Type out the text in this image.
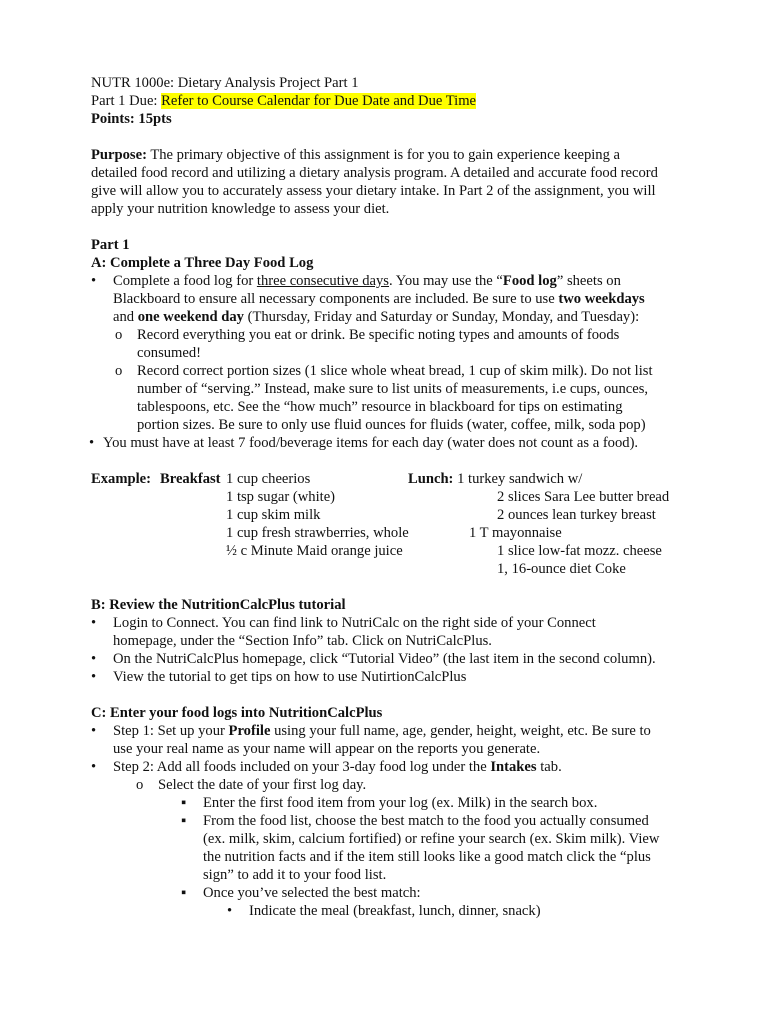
NUTR 1000e: Dietary Analysis Project Part 1
Part 1 Due: Refer to Course Calendar for Due Date and Due Time
Points: 15pts
Purpose: The primary objective of this assignment is for you to gain experience keeping a
detailed food record and utilizing a dietary analysis program. A detailed and accurate food record
give will allow you to accurately assess your dietary intake. In Part 2 of the assignment, you will
apply your nutrition knowledge to assess your diet.
Part 1
A: Complete a Three Day Food Log
• Complete a food log for three consecutive days. You may use the “Food log” sheets on
Blackboard to ensure all necessary components are included. Be sure to use two weekdays
and one weekend day (Thursday, Friday and Saturday or Sunday, Monday, and Tuesday):
o Record everything you eat or drink. Be specific noting types and amounts of foods
consumed!
o Record correct portion sizes (1 slice whole wheat bread, 1 cup of skim milk). Do not list
number of “serving.” Instead, make sure to list units of measurements, i.e cups, ounces,
tablespoons, etc. See the “how much” resource in blackboard for tips on estimating
portion sizes. Be sure to only use fluid ounces for fluids (water, coffee, milk, soda pop)
• You must have at least 7 food/beverage items for each day (water does not count as a food).
Example: Breakfast 1 cup cheerios
1 tsp sugar (white)
1 cup skim milk
1 cup fresh strawberries, whole
½ c Minute Maid orange juice
Lunch: 1 turkey sandwich w/
2 slices Sara Lee butter bread
2 ounces lean turkey breast
1 T mayonnaise
1 slice low-fat mozz. cheese
1, 16-ounce diet Coke
B: Review the NutritionCalcPlus tutorial
• Login to Connect. You can find link to NutriCalc on the right side of your Connect
homepage, under the “Section Info” tab. Click on NutriCalcPlus.
• On the NutriCalcPlus homepage, click “Tutorial Video” (the last item in the second column).
• View the tutorial to get tips on how to use NutirtionCalcPlus
C: Enter your food logs into NutritionCalcPlus
• Step 1: Set up your Profile using your full name, age, gender, height, weight, etc. Be sure to
use your real name as your name will appear on the reports you generate.
• Step 2: Add all foods included on your 3-day food log under the Intakes tab.
o Select the date of your first log day.
▪ Enter the first food item from your log (ex. Milk) in the search box.
▪ From the food list, choose the best match to the food you actually consumed
(ex. milk, skim, calcium fortified) or refine your search (ex. Skim milk). View
the nutrition facts and if the item still looks like a good match click the “plus
sign” to add it to your food list.
▪ Once you’ve selected the best match:
• Indicate the meal (breakfast, lunch, dinner, snack)
